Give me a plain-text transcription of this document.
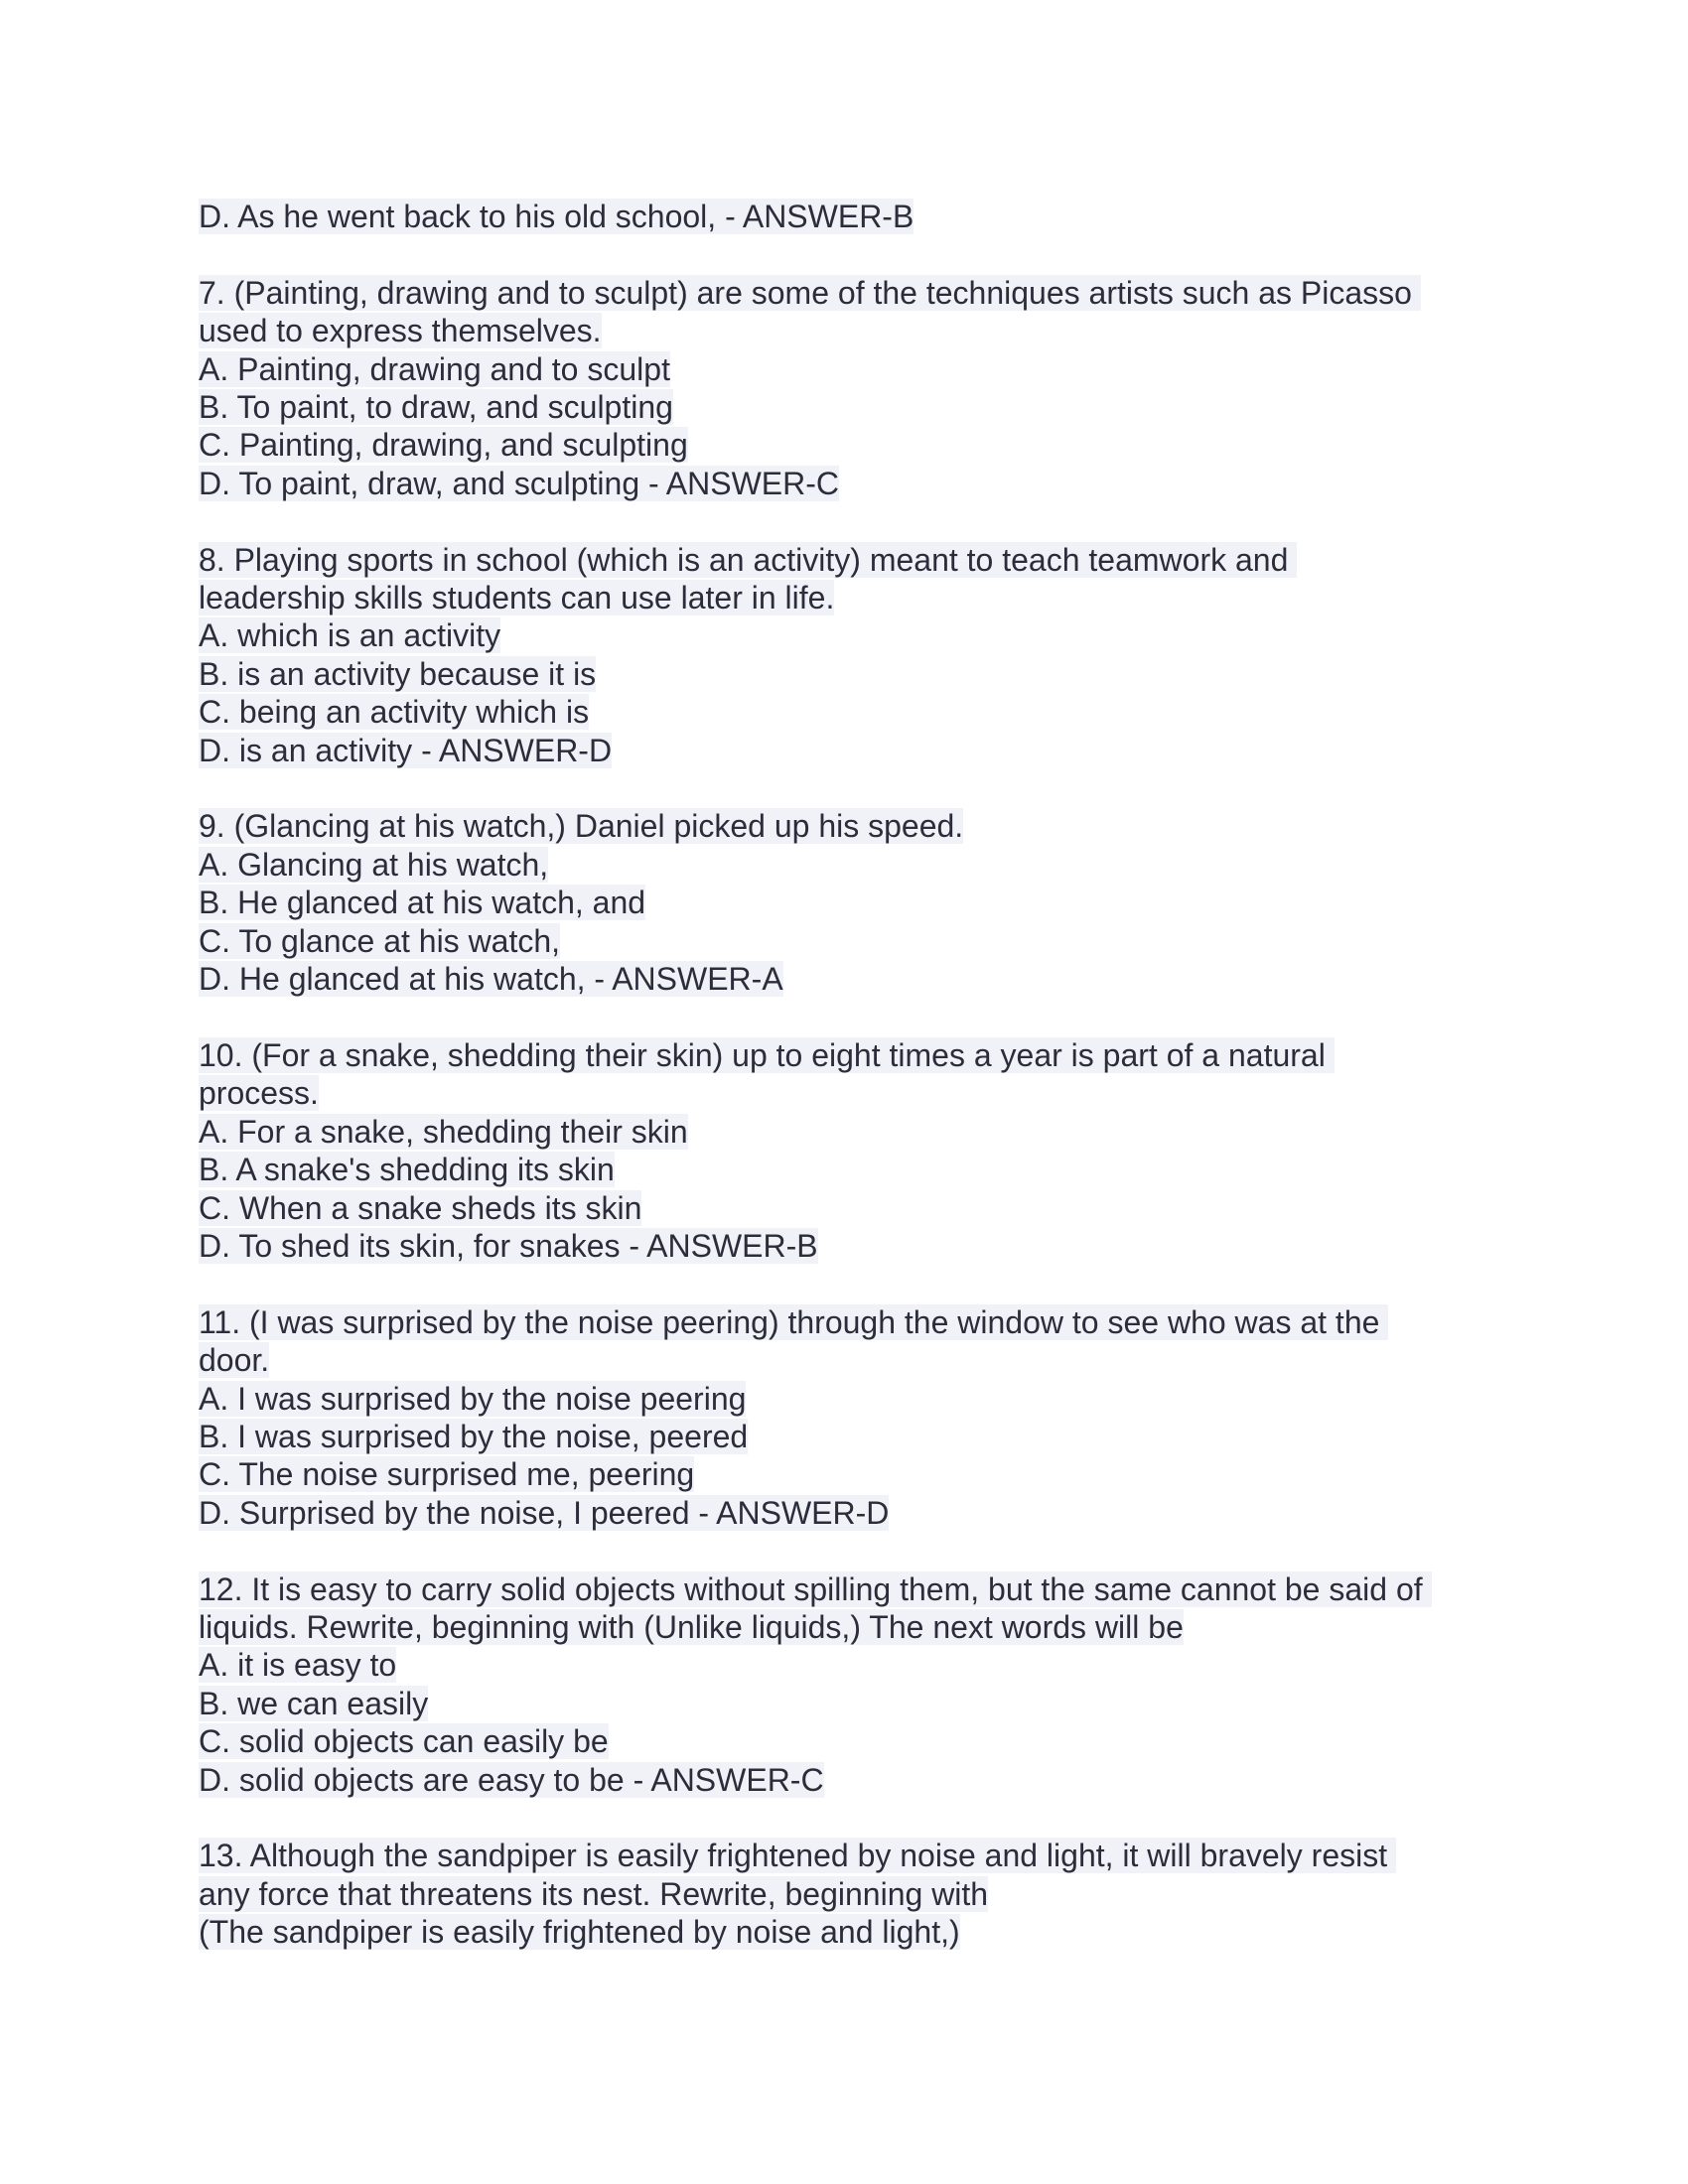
D. As he went back to his old school, - ANSWER-B
7. (Painting, drawing and to sculpt) are some of the techniques artists such as Picasso
used to express themselves.
A. Painting, drawing and to sculpt
B. To paint, to draw, and sculpting
C. Painting, drawing, and sculpting
D. To paint, draw, and sculpting - ANSWER-C
8. Playing sports in school (which is an activity) meant to teach teamwork and
leadership skills students can use later in life.
A. which is an activity
B. is an activity because it is
C. being an activity which is
D. is an activity - ANSWER-D
9. (Glancing at his watch,) Daniel picked up his speed.
A. Glancing at his watch,
B. He glanced at his watch, and
C. To glance at his watch,
D. He glanced at his watch, - ANSWER-A
10. (For a snake, shedding their skin) up to eight times a year is part of a natural
process.
A. For a snake, shedding their skin
B. A snake's shedding its skin
C. When a snake sheds its skin
D. To shed its skin, for snakes - ANSWER-B
11. (I was surprised by the noise peering) through the window to see who was at the
door.
A. I was surprised by the noise peering
B. I was surprised by the noise, peered
C. The noise surprised me, peering
D. Surprised by the noise, I peered - ANSWER-D
12. It is easy to carry solid objects without spilling them, but the same cannot be said of
liquids. Rewrite, beginning with (Unlike liquids,) The next words will be
A. it is easy to
B. we can easily
C. solid objects can easily be
D. solid objects are easy to be - ANSWER-C
13. Although the sandpiper is easily frightened by noise and light, it will bravely resist
any force that threatens its nest. Rewrite, beginning with
(The sandpiper is easily frightened by noise and light,)
